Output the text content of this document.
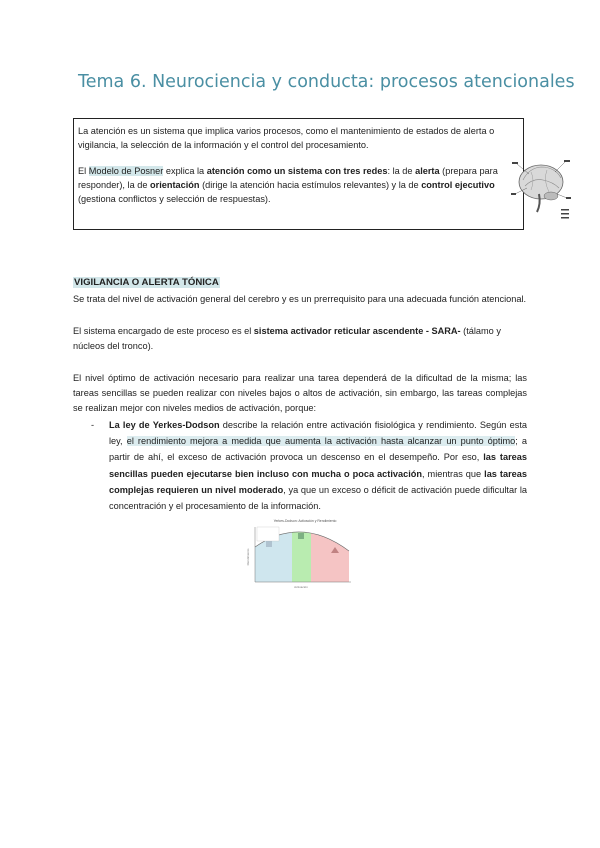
Tema 6. Neurociencia y conducta: procesos atencionales

La atención es un sistema que implica varios procesos, como el mantenimiento de estados de alerta o vigilancia, la selección de la información y el control del procesamiento.

El Modelo de Posner explica la atención como un sistema con tres redes: la de alerta (prepara para responder), la de orientación (dirige la atención hacia estímulos relevantes) y la de control ejecutivo (gestiona conflictos y selección de respuestas).

VIGILANCIA O ALERTA TÓNICA
Se trata del nivel de activación general del cerebro y es un prerrequisito para una adecuada función atencional.
El sistema encargado de este proceso es el sistema activador reticular ascendente - SARA- (tálamo y núcleos del tronco).
El nivel óptimo de activación necesario para realizar una tarea dependerá de la dificultad de la misma; las tareas sencillas se pueden realizar con niveles bajos o altos de activación, sin embargo, las tareas complejas se realizan mejor con niveles medios de activación, porque:
- La ley de Yerkes-Dodson describe la relación entre activación fisiológica y rendimiento. Según esta ley, el rendimiento mejora a medida que aumenta la activación hasta alcanzar un punto óptimo; a partir de ahí, el exceso de activación provoca un descenso en el desempeño. Por eso, las tareas sencillas pueden ejecutarse bien incluso con mucha o poca activación, mientras que las tareas complejas requieren un nivel moderado, ya que un exceso o déficit de activación puede dificultar la concentración y el procesamiento de la información.
Yerkes-Dodson: Activación y Rendimiento
Activación
Rendimiento
